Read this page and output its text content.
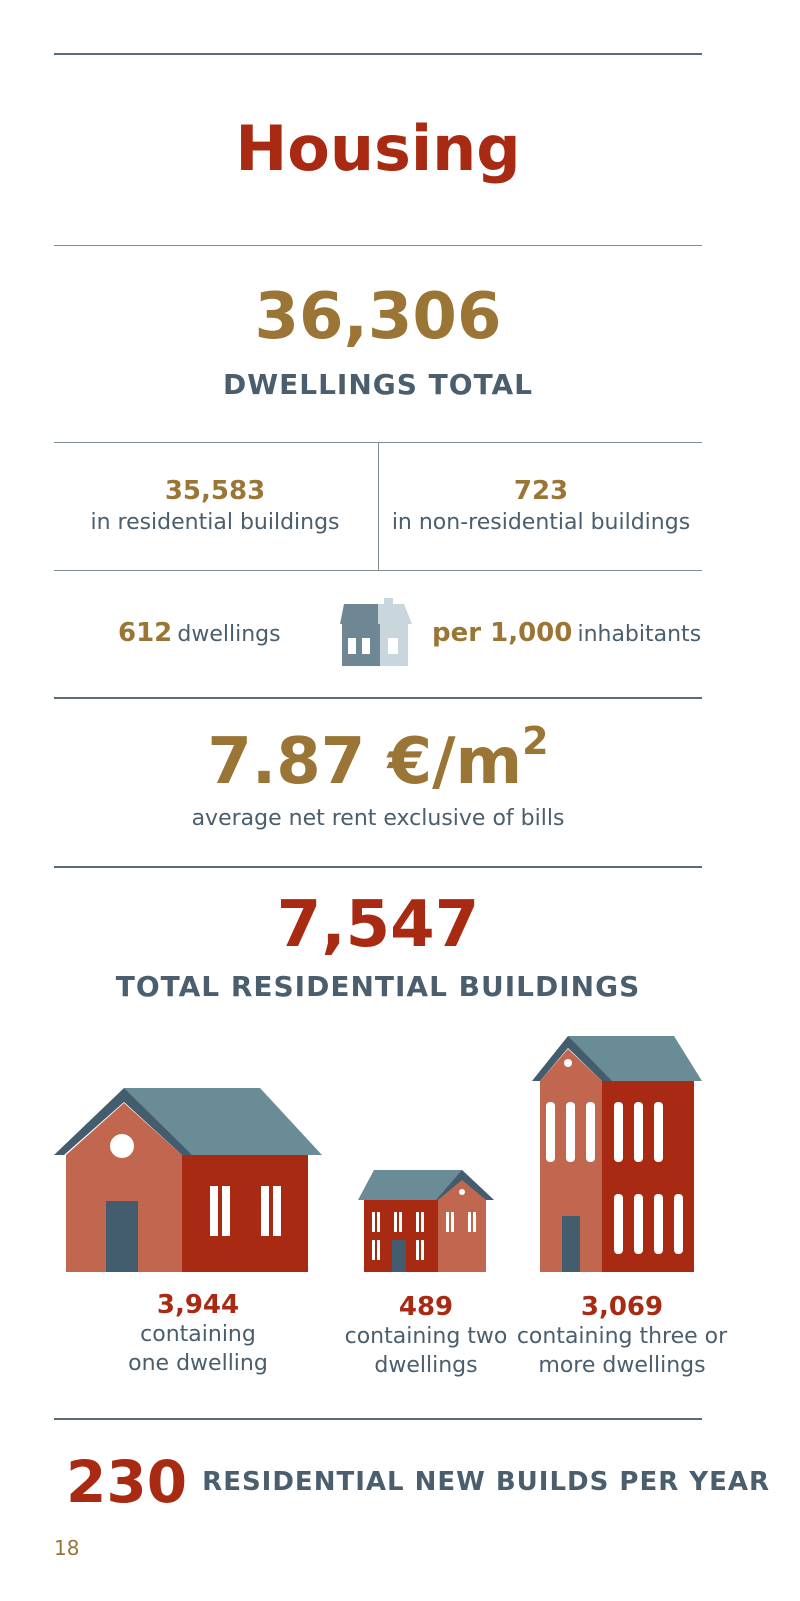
Housing
36,306
DWELLINGS TOTAL
35,583
in residential buildings
723
in non-residential buildings
612 dwellings	per 1,000 inhabitants
7.87 $€/m^2$
average net rent exclusive of bills
7,547
TOTAL RESIDENTIAL BUILDINGS
3,944
containing
one dwelling
489
containing two
dwellings
3,069
containing three or
more dwellings
230 RESIDENTIAL NEW BUILDS PER YEAR
18
